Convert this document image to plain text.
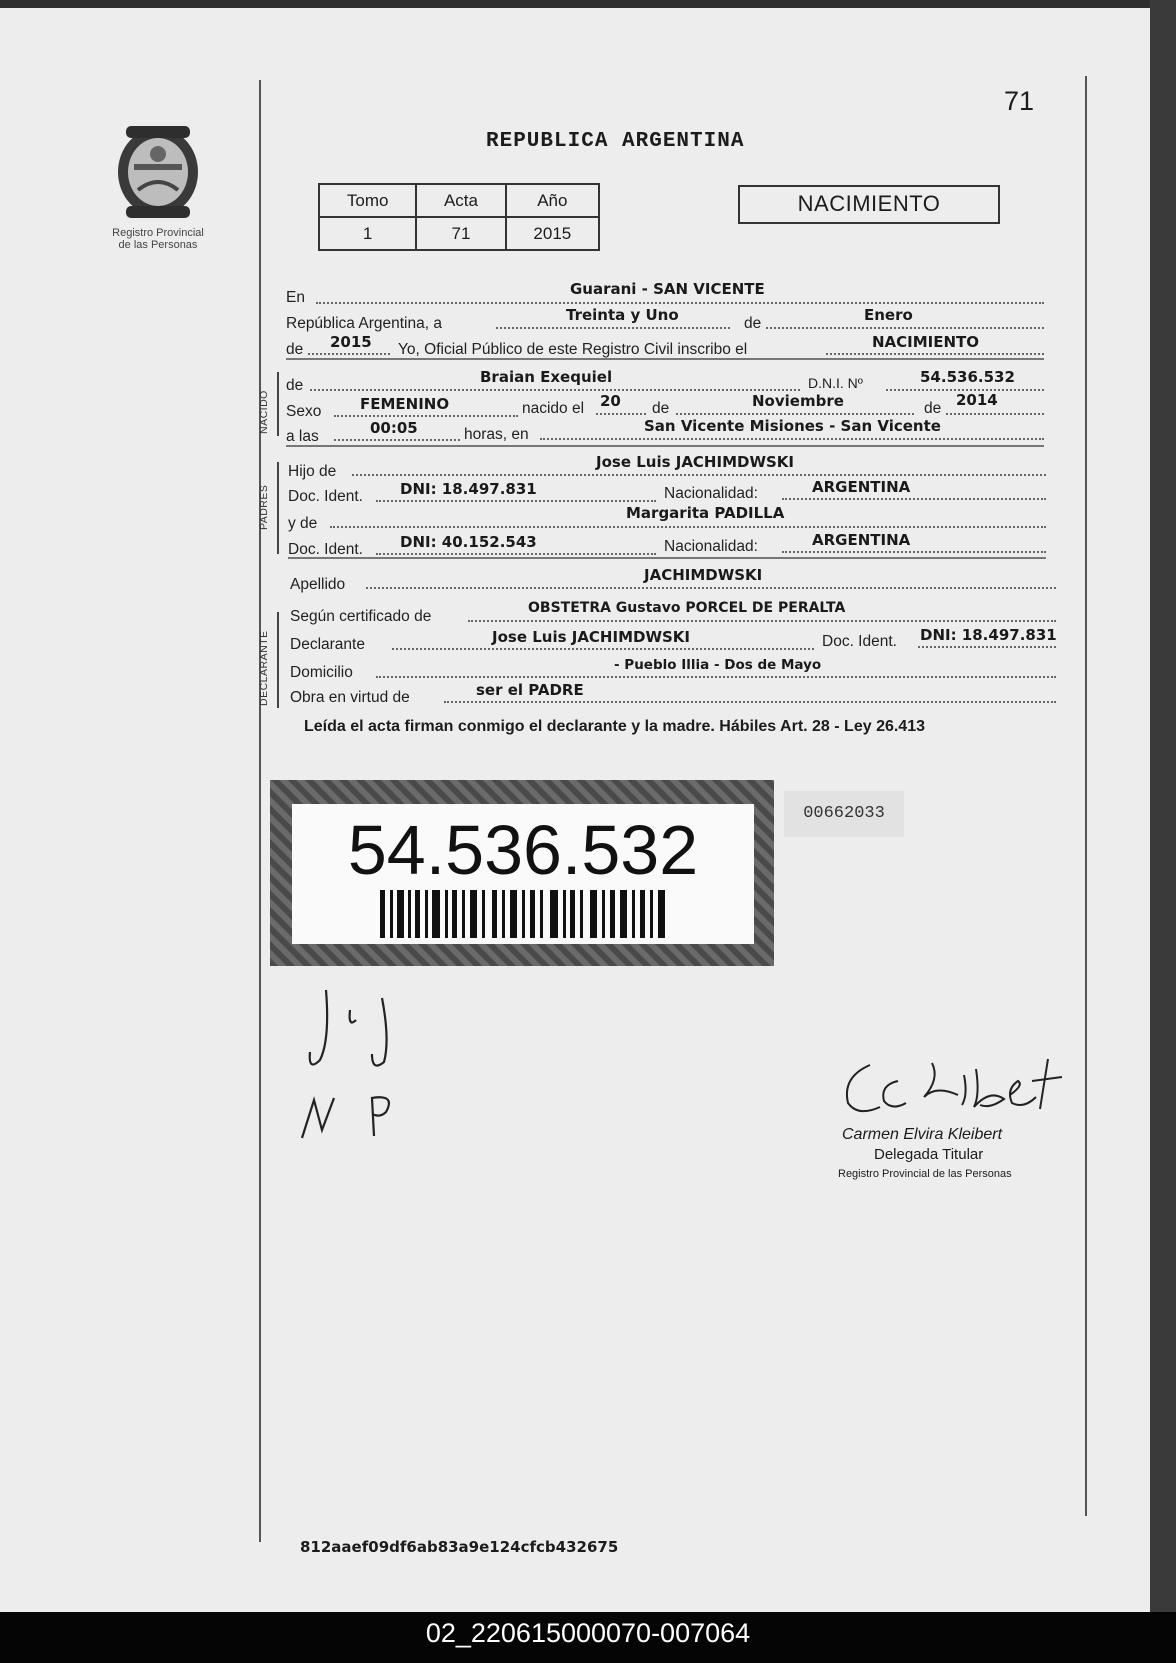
71
Registro Provincial
de las Personas
REPUBLICA ARGENTINA
Tomo	Acta	Año
1	71	2015
NACIMIENTO
NACIDO
PADRES
DECLARANTE
En	Guarani - SAN VICENTE
República Argentina, a	Treinta y Uno	de	Enero
de 2015 Yo, Oficial Público de este Registro Civil inscribo el	NACIMIENTO
de	Braian Exequiel	D.N.I. Nº	54.536.532
Sexo	FEMENINO	nacido el 20 de	Noviembre	de 2014
a las	00:05	horas, en	San Vicente Misiones - San Vicente
Hijo de
Jose Luis JACHIMDWSKI
Doc. Ident. DNI: 18.497.831	Nacionalidad:	ARGENTINA
y de
Margarita PADILLA
Doc. Ident. DNI: 40.152.543	Nacionalidad:	ARGENTINA
Apellido
JACHIMDWSKI
Según certificado de	OBSTETRA Gustavo PORCEL DE PERALTA
Declarante	Jose Luis JACHIMDWSKI	Doc. Ident. DNI: 18.497.831
Domicilio	- Pueblo Illia - Dos de Mayo
Obra en virtud de	ser el PADRE
Leída el acta firman conmigo el declarante y la madre. Hábiles Art. 28 - Ley 26.413
54.536.532	00662033
Carmen Elvira Kleibert
Delegada Titular
Registro Provincial de las Personas
812aaef09df6ab83a9e124cfcb432675
02_220615000070-007064
